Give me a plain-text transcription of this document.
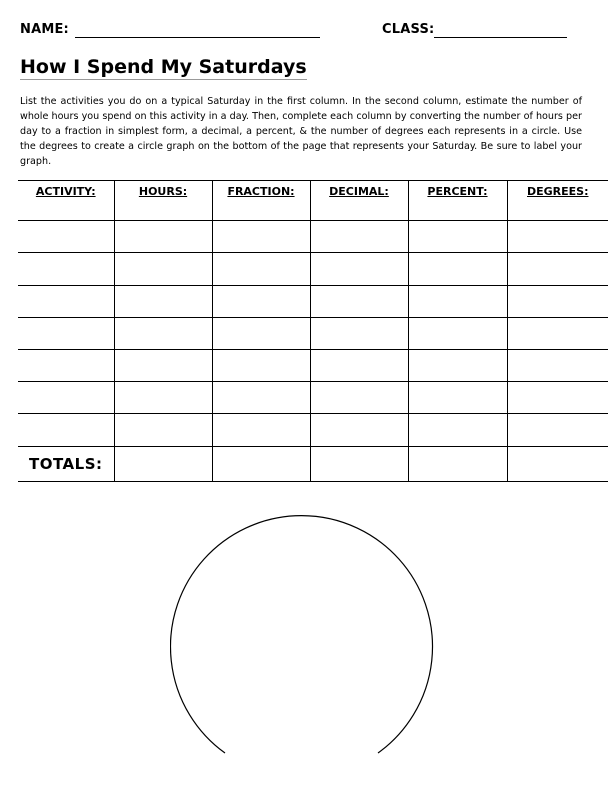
NAME:	CLASS:
How I Spend My Saturdays
List the activities you do on a typical Saturday in the first column. In the second column, estimate the number of whole hours you spend on this activity in a day. Then, complete each column by converting the number of hours per day to a fraction in simplest form, a decimal, a percent, & the number of degrees each represents in a circle. Use the degrees to create a circle graph on the bottom of the page that represents your Saturday. Be sure to label your graph.
ACTIVITY:	HOURS:	FRACTION:	DECIMAL:	PERCENT:	DEGREES:

TOTALS:					
